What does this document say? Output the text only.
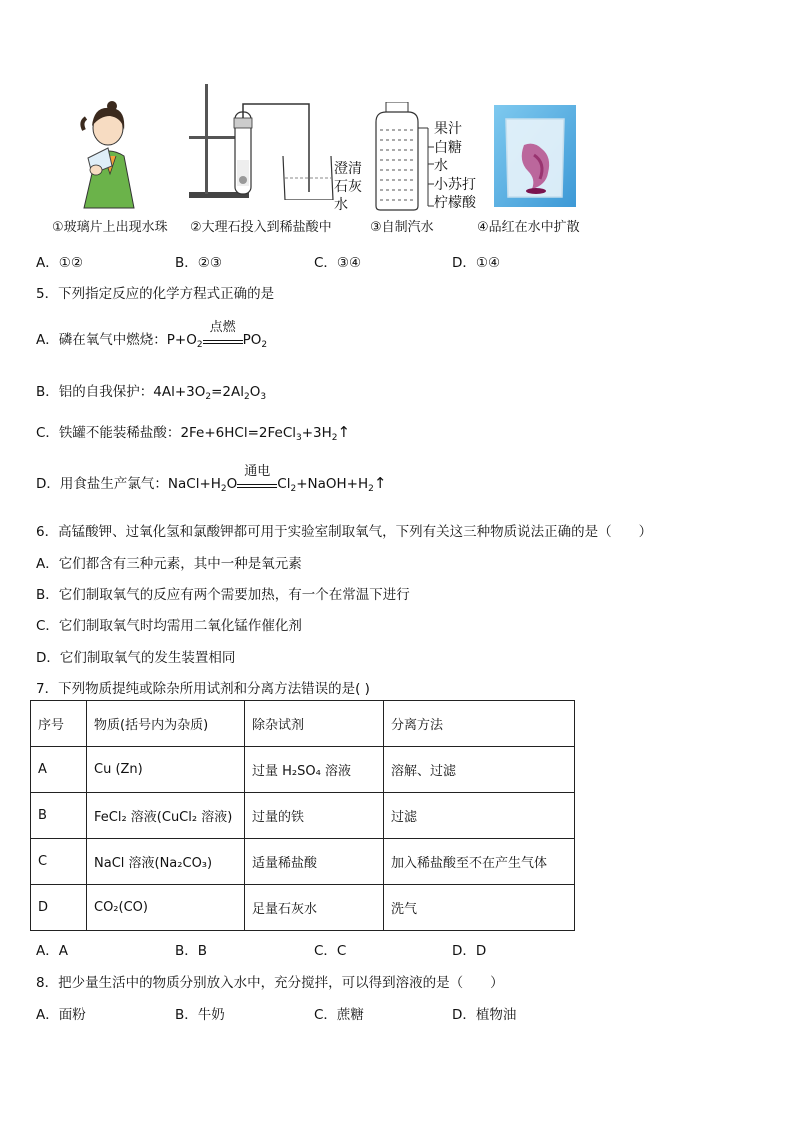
澄清
石灰
水
果汁
白糖
水
小苏打
柠檬酸
①玻璃片上出现水珠 ②大理石投入到稀盐酸中	③自制汽水	④品红在水中扩散
A．①②	B．②③	C．③④	D．①④
5．下列指定反应的化学方程式正确的是
A．磷在氧气中燃烧：$P+O_2$
点燃
$PO_2$
B．铝的自我保护：$4Al+3O_2=2Al_2O_3$
C．铁罐不能装稀盐酸：$2Fe+6HCl=2FeCl_3+3H_2↑$
D．用食盐生产氯气：$NaCl+H_2O$
通电
$Cl_2+NaOH+H_2↑$
6．高锰酸钾、过氧化氢和氯酸钾都可用于实验室制取氧气，下列有关这三种物质说法正确的是（　　）
A．它们都含有三种元素，其中一种是氧元素
B．它们制取氧气的反应有两个需要加热，有一个在常温下进行
C．它们制取氧气时均需用二氧化锰作催化剂
D．它们制取氧气的发生装置相同
7．下列物质提纯或除杂所用试剂和分离方法错误的是( )
序号	物质(括号内为杂质)	除杂试剂	分离方法
A	Cu (Zn)	过量 H₂SO₄ 溶液	溶解、过滤
B	FeCl₂ 溶液(CuCl₂ 溶液)	过量的铁	过滤
C	NaCl 溶液(Na₂CO₃)	适量稀盐酸	加入稀盐酸至不在产生气体
D	CO₂(CO)	足量石灰水	洗气
A．A	B．B	C．C	D．D
8．把少量生活中的物质分别放入水中，充分搅拌，可以得到溶液的是（　　）
A．面粉	B．牛奶	C．蔗糖	D．植物油
